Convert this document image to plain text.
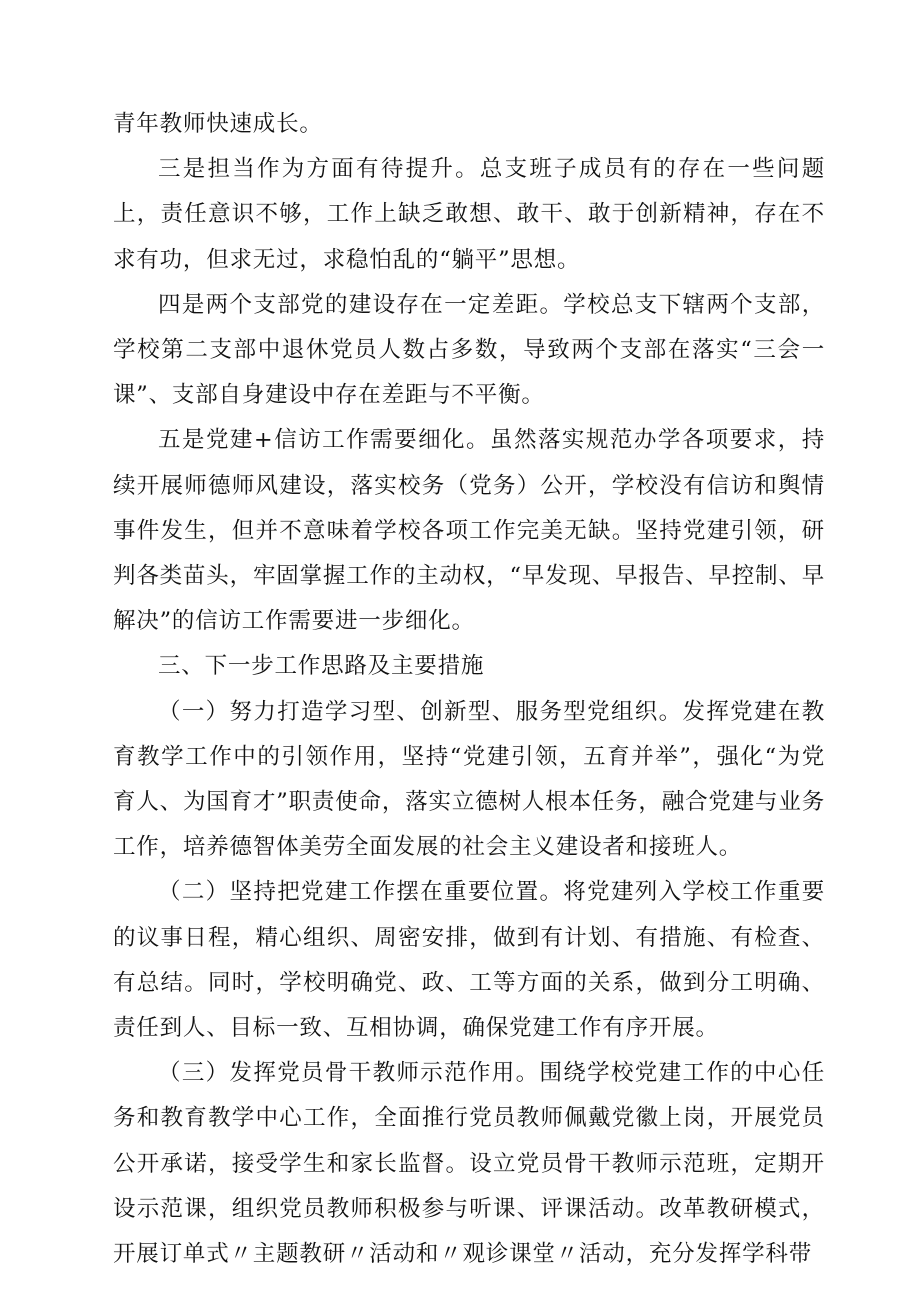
青年教师快速成长。

三是担当作为方面有待提升。总支班子成员有的存在一些问题上，责任意识不够，工作上缺乏敢想、敢干、敢于创新精神，存在不求有功，但求无过，求稳怕乱的“躺平”思想。

四是两个支部党的建设存在一定差距。学校总支下辖两个支部，学校第二支部中退休党员人数占多数，导致两个支部在落实“三会一课”、支部自身建设中存在差距与不平衡。

五是党建+信访工作需要细化。虽然落实规范办学各项要求，持续开展师德师风建设，落实校务（党务）公开，学校没有信访和舆情事件发生，但并不意味着学校各项工作完美无缺。坚持党建引领，研判各类苗头，牢固掌握工作的主动权，“早发现、早报告、早控制、早解决”的信访工作需要进一步细化。

三、下一步工作思路及主要措施

（一）努力打造学习型、创新型、服务型党组织。发挥党建在教育教学工作中的引领作用，坚持“党建引领，五育并举”，强化“为党育人、为国育才”职责使命，落实立德树人根本任务，融合党建与业务工作，培养德智体美劳全面发展的社会主义建设者和接班人。

（二）坚持把党建工作摆在重要位置。将党建列入学校工作重要的议事日程，精心组织、周密安排，做到有计划、有措施、有检查、有总结。同时，学校明确党、政、工等方面的关系，做到分工明确、责任到人、目标一致、互相协调，确保党建工作有序开展。

（三）发挥党员骨干教师示范作用。围绕学校党建工作的中心任务和教育教学中心工作，全面推行党员教师佩戴党徽上岗，开展党员公开承诺，接受学生和家长监督。设立党员骨干教师示范班，定期开设示范课，组织党员教师积极参与听课、评课活动。改革教研模式，开展订单式〃主题教研〃活动和〃观诊课堂〃活动，充分发挥学科带
